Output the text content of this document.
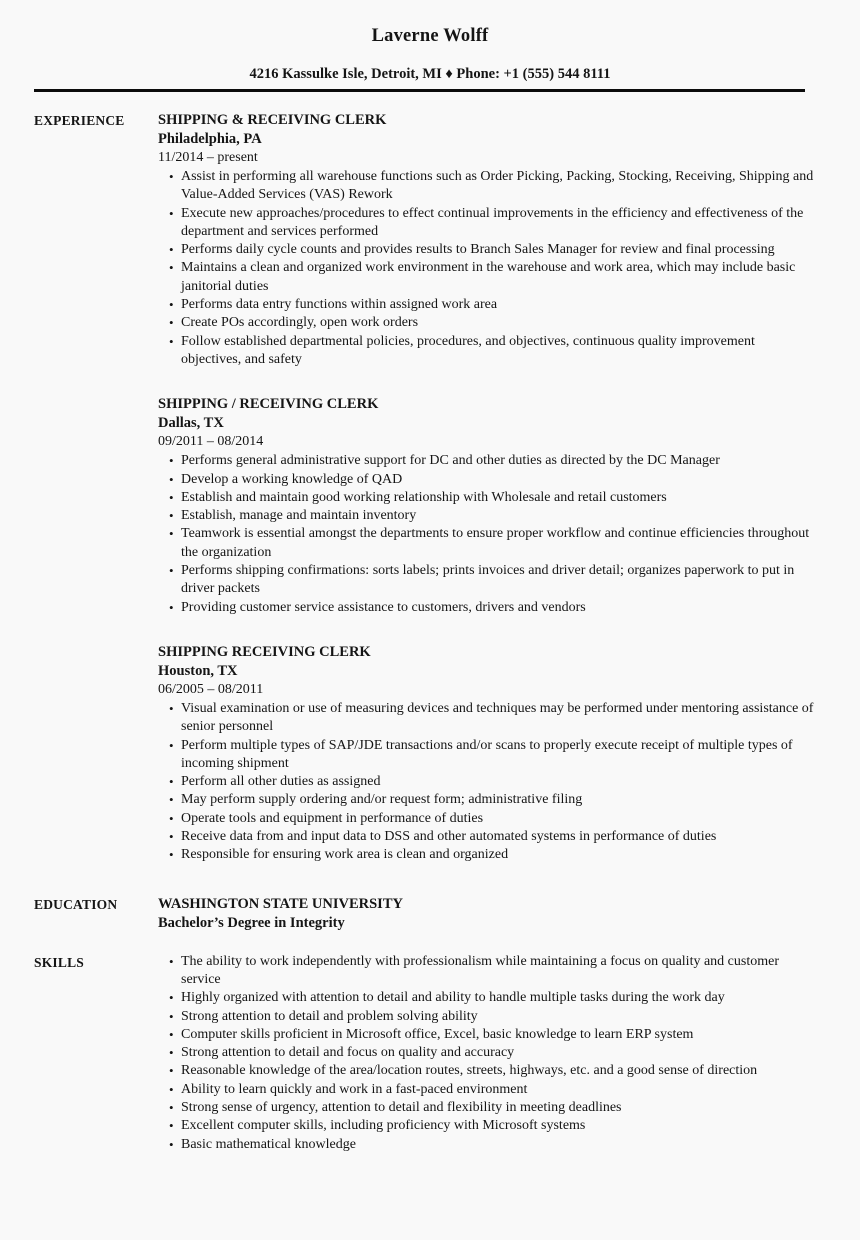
Laverne Wolff
4216 Kassulke Isle, Detroit, MI ♦ Phone: +1 (555) 544 8111
EXPERIENCE	SHIPPING & RECEIVING CLERK
Philadelphia, PA
11/2014 – present
• Assist in performing all warehouse functions such as Order Picking, Packing, Stocking, Receiving, Shipping and Value-Added Services (VAS) Rework
• Execute new approaches/procedures to effect continual improvements in the efficiency and effectiveness of the department and services performed
• Performs daily cycle counts and provides results to Branch Sales Manager for review and final processing
• Maintains a clean and organized work environment in the warehouse and work area, which may include basic janitorial duties
• Performs data entry functions within assigned work area
• Create POs accordingly, open work orders
• Follow established departmental policies, procedures, and objectives, continuous quality improvement objectives, and safety
SHIPPING / RECEIVING CLERK
Dallas, TX
09/2011 – 08/2014
• Performs general administrative support for DC and other duties as directed by the DC Manager
• Develop a working knowledge of QAD
• Establish and maintain good working relationship with Wholesale and retail customers
• Establish, manage and maintain inventory
• Teamwork is essential amongst the departments to ensure proper workflow and continue efficiencies throughout the organization
• Performs shipping confirmations: sorts labels; prints invoices and driver detail; organizes paperwork to put in driver packets
• Providing customer service assistance to customers, drivers and vendors
SHIPPING RECEIVING CLERK
Houston, TX
06/2005 – 08/2011
• Visual examination or use of measuring devices and techniques may be performed under mentoring assistance of senior personnel
• Perform multiple types of SAP/JDE transactions and/or scans to properly execute receipt of multiple types of incoming shipment
• Perform all other duties as assigned
• May perform supply ordering and/or request form; administrative filing
• Operate tools and equipment in performance of duties
• Receive data from and input data to DSS and other automated systems in performance of duties
• Responsible for ensuring work area is clean and organized
EDUCATION	WASHINGTON STATE UNIVERSITY
Bachelor’s Degree in Integrity
SKILLS	• The ability to work independently with professionalism while maintaining a focus on quality and customer service
• Highly organized with attention to detail and ability to handle multiple tasks during the work day
• Strong attention to detail and problem solving ability
• Computer skills proficient in Microsoft office, Excel, basic knowledge to learn ERP system
• Strong attention to detail and focus on quality and accuracy
• Reasonable knowledge of the area/location routes, streets, highways, etc. and a good sense of direction
• Ability to learn quickly and work in a fast-paced environment
• Strong sense of urgency, attention to detail and flexibility in meeting deadlines
• Excellent computer skills, including proficiency with Microsoft systems
• Basic mathematical knowledge
